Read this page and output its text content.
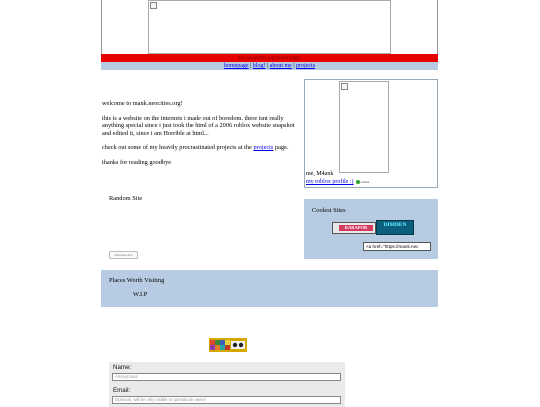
the neocities.org home page
homepage | blog! | about me | projects

welcome to mank.neocities.org!

this is a website on the internets i made out of boredom. there isnt really anything special since i just took the html of a 2006 roblox website snapshot and edited it, since i am Horrible at html...

check out some of my heavily procrastinated projects at the projects page.

thanks for reading goodbye

me, M4ank
my roblox profile :) online
Random Site
Random Ad!
Coolest Sites
RARAPOR	DIMDEN
<a href="https://mank.nec
Places Worth Visiting
W.I.P
Name:
Anonymous
Email:
Optional, will be only visible to guestbook owner
